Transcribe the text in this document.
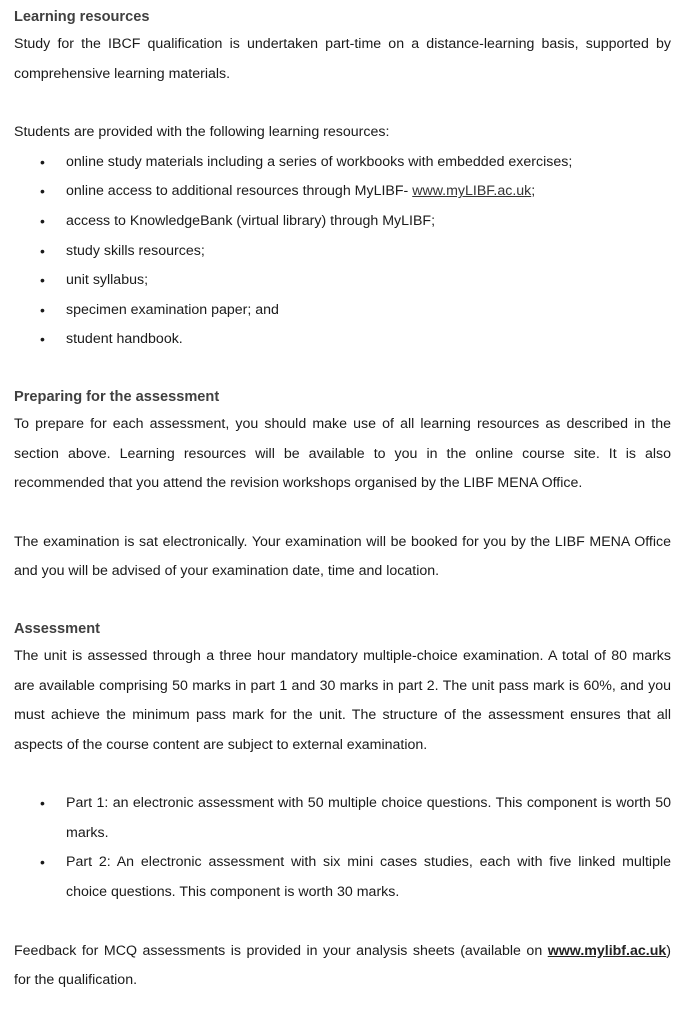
Learning resources

Study for the IBCF qualification is undertaken part-time on a distance-learning basis, supported by comprehensive learning materials.

Students are provided with the following learning resources:

• online study materials including a series of workbooks with embedded exercises;
• online access to additional resources through MyLIBF- www.myLIBF.ac.uk;
• access to KnowledgeBank (virtual library) through MyLIBF;
• study skills resources;
• unit syllabus;
• specimen examination paper; and
• student handbook.
Preparing for the assessment

To prepare for each assessment, you should make use of all learning resources as described in the section above. Learning resources will be available to you in the online course site. It is also recommended that you attend the revision workshops organised by the LIBF MENA Office.

The examination is sat electronically. Your examination will be booked for you by the LIBF MENA Office and you will be advised of your examination date, time and location.

Assessment

The unit is assessed through a three hour mandatory multiple-choice examination. A total of 80 marks are available comprising 50 marks in part 1 and 30 marks in part 2. The unit pass mark is 60%, and you must achieve the minimum pass mark for the unit. The structure of the assessment ensures that all aspects of the course content are subject to external examination.

• Part 1: an electronic assessment with 50 multiple choice questions. This component is worth 50 marks.
• Part 2: An electronic assessment with six mini cases studies, each with five linked multiple choice questions. This component is worth 30 marks.

Feedback for MCQ assessments is provided in your analysis sheets (available on www.mylibf.ac.uk) for the qualification.
